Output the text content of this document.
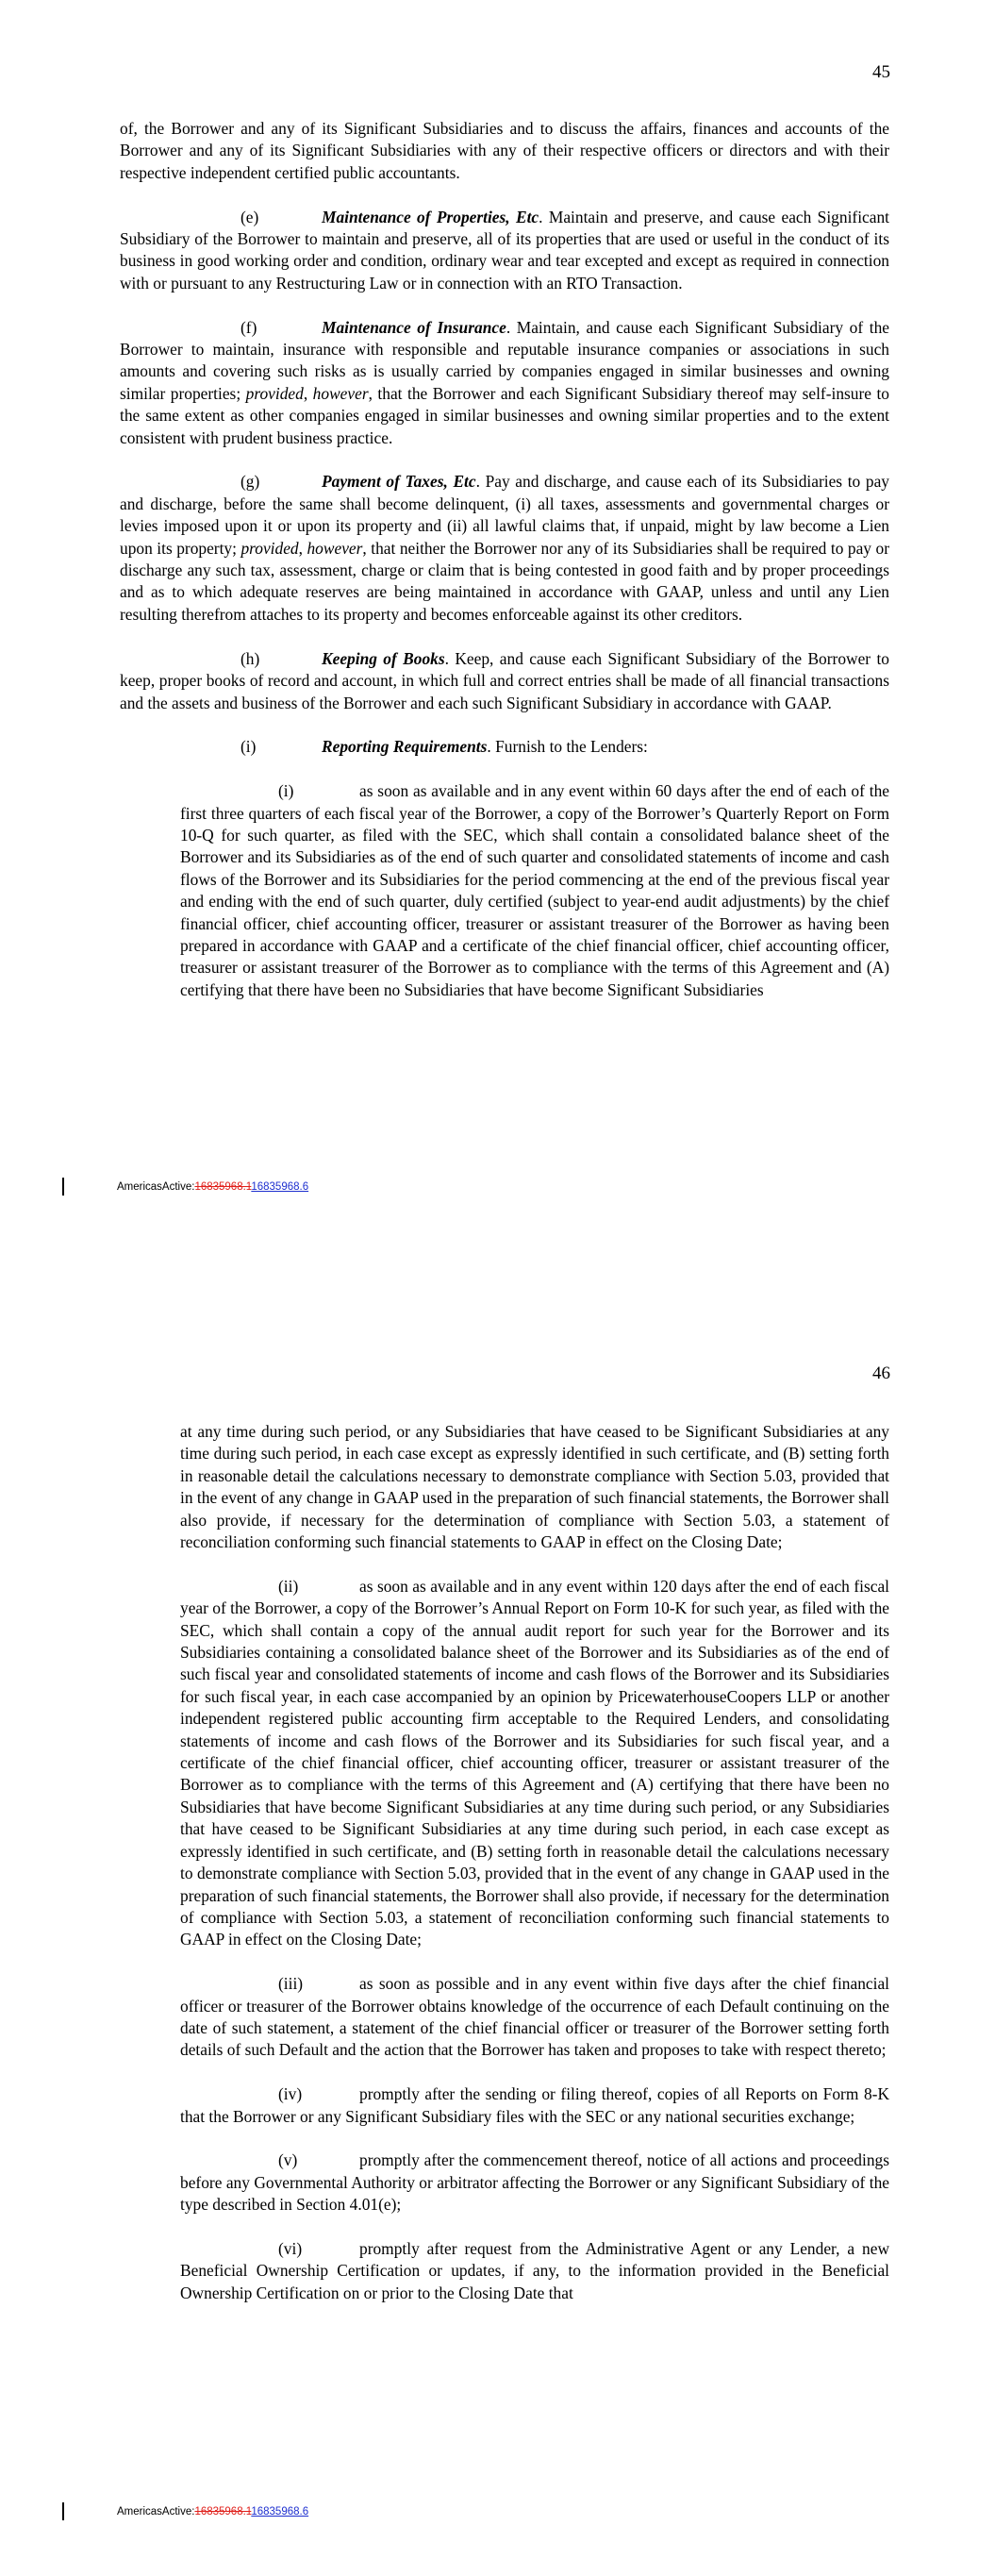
45

of, the Borrower and any of its Significant Subsidiaries and to discuss the affairs, finances and accounts of the Borrower and any of its Significant Subsidiaries with any of their respective officers or directors and with their respective independent certified public accountants.

(e)	Maintenance of Properties, Etc. Maintain and preserve, and cause each Significant Subsidiary of the Borrower to maintain and preserve, all of its properties that are used or useful in the conduct of its business in good working order and condition, ordinary wear and tear excepted and except as required in connection with or pursuant to any Restructuring Law or in connection with an RTO Transaction.

(f)	Maintenance of Insurance. Maintain, and cause each Significant Subsidiary of the Borrower to maintain, insurance with responsible and reputable insurance companies or associations in such amounts and covering such risks as is usually carried by companies engaged in similar businesses and owning similar properties; provided, however, that the Borrower and each Significant Subsidiary thereof may self-insure to the same extent as other companies engaged in similar businesses and owning similar properties and to the extent consistent with prudent business practice.

(g)	Payment of Taxes, Etc. Pay and discharge, and cause each of its Subsidiaries to pay and discharge, before the same shall become delinquent, (i) all taxes, assessments and governmental charges or levies imposed upon it or upon its property and (ii) all lawful claims that, if unpaid, might by law become a Lien upon its property; provided, however, that neither the Borrower nor any of its Subsidiaries shall be required to pay or discharge any such tax, assessment, charge or claim that is being contested in good faith and by proper proceedings and as to which adequate reserves are being maintained in accordance with GAAP, unless and until any Lien resulting therefrom attaches to its property and becomes enforceable against its other creditors.

(h)	Keeping of Books. Keep, and cause each Significant Subsidiary of the Borrower to keep, proper books of record and account, in which full and correct entries shall be made of all financial transactions and the assets and business of the Borrower and each such Significant Subsidiary in accordance with GAAP.

(i)	Reporting Requirements. Furnish to the Lenders:

(i)	as soon as available and in any event within 60 days after the end of each of the first three quarters of each fiscal year of the Borrower, a copy of the Borrower’s Quarterly Report on Form 10-Q for such quarter, as filed with the SEC, which shall contain a consolidated balance sheet of the Borrower and its Subsidiaries as of the end of such quarter and consolidated statements of income and cash flows of the Borrower and its Subsidiaries for the period commencing at the end of the previous fiscal year and ending with the end of such quarter, duly certified (subject to year-end audit adjustments) by the chief financial officer, chief accounting officer, treasurer or assistant treasurer of the Borrower as having been prepared in accordance with GAAP and a certificate of the chief financial officer, chief accounting officer, treasurer or assistant treasurer of the Borrower as to compliance with the terms of this Agreement and (A) certifying that there have been no Subsidiaries that have become Significant Subsidiaries

AmericasActive:16835968.116835968.6
46

at any time during such period, or any Subsidiaries that have ceased to be Significant Subsidiaries at any time during such period, in each case except as expressly identified in such certificate, and (B) setting forth in reasonable detail the calculations necessary to demonstrate compliance with Section 5.03, provided that in the event of any change in GAAP used in the preparation of such financial statements, the Borrower shall also provide, if necessary for the determination of compliance with Section 5.03, a statement of reconciliation conforming such financial statements to GAAP in effect on the Closing Date;

(ii)	as soon as available and in any event within 120 days after the end of each fiscal year of the Borrower, a copy of the Borrower’s Annual Report on Form 10-K for such year, as filed with the SEC, which shall contain a copy of the annual audit report for such year for the Borrower and its Subsidiaries containing a consolidated balance sheet of the Borrower and its Subsidiaries as of the end of such fiscal year and consolidated statements of income and cash flows of the Borrower and its Subsidiaries for such fiscal year, in each case accompanied by an opinion by PricewaterhouseCoopers LLP or another independent registered public accounting firm acceptable to the Required Lenders, and consolidating statements of income and cash flows of the Borrower and its Subsidiaries for such fiscal year, and a certificate of the chief financial officer, chief accounting officer, treasurer or assistant treasurer of the Borrower as to compliance with the terms of this Agreement and (A) certifying that there have been no Subsidiaries that have become Significant Subsidiaries at any time during such period, or any Subsidiaries that have ceased to be Significant Subsidiaries at any time during such period, in each case except as expressly identified in such certificate, and (B) setting forth in reasonable detail the calculations necessary to demonstrate compliance with Section 5.03, provided that in the event of any change in GAAP used in the preparation of such financial statements, the Borrower shall also provide, if necessary for the determination of compliance with Section 5.03, a statement of reconciliation conforming such financial statements to GAAP in effect on the Closing Date;

(iii)	as soon as possible and in any event within five days after the chief financial officer or treasurer of the Borrower obtains knowledge of the occurrence of each Default continuing on the date of such statement, a statement of the chief financial officer or treasurer of the Borrower setting forth details of such Default and the action that the Borrower has taken and proposes to take with respect thereto;

(iv)	promptly after the sending or filing thereof, copies of all Reports on Form 8-K that the Borrower or any Significant Subsidiary files with the SEC or any national securities exchange;

(v)	promptly after the commencement thereof, notice of all actions and proceedings before any Governmental Authority or arbitrator affecting the Borrower or any Significant Subsidiary of the type described in Section 4.01(e);

(vi)	promptly after request from the Administrative Agent or any Lender, a new Beneficial Ownership Certification or updates, if any, to the information provided in the Beneficial Ownership Certification on or prior to the Closing Date that

AmericasActive:16835968.116835968.6
